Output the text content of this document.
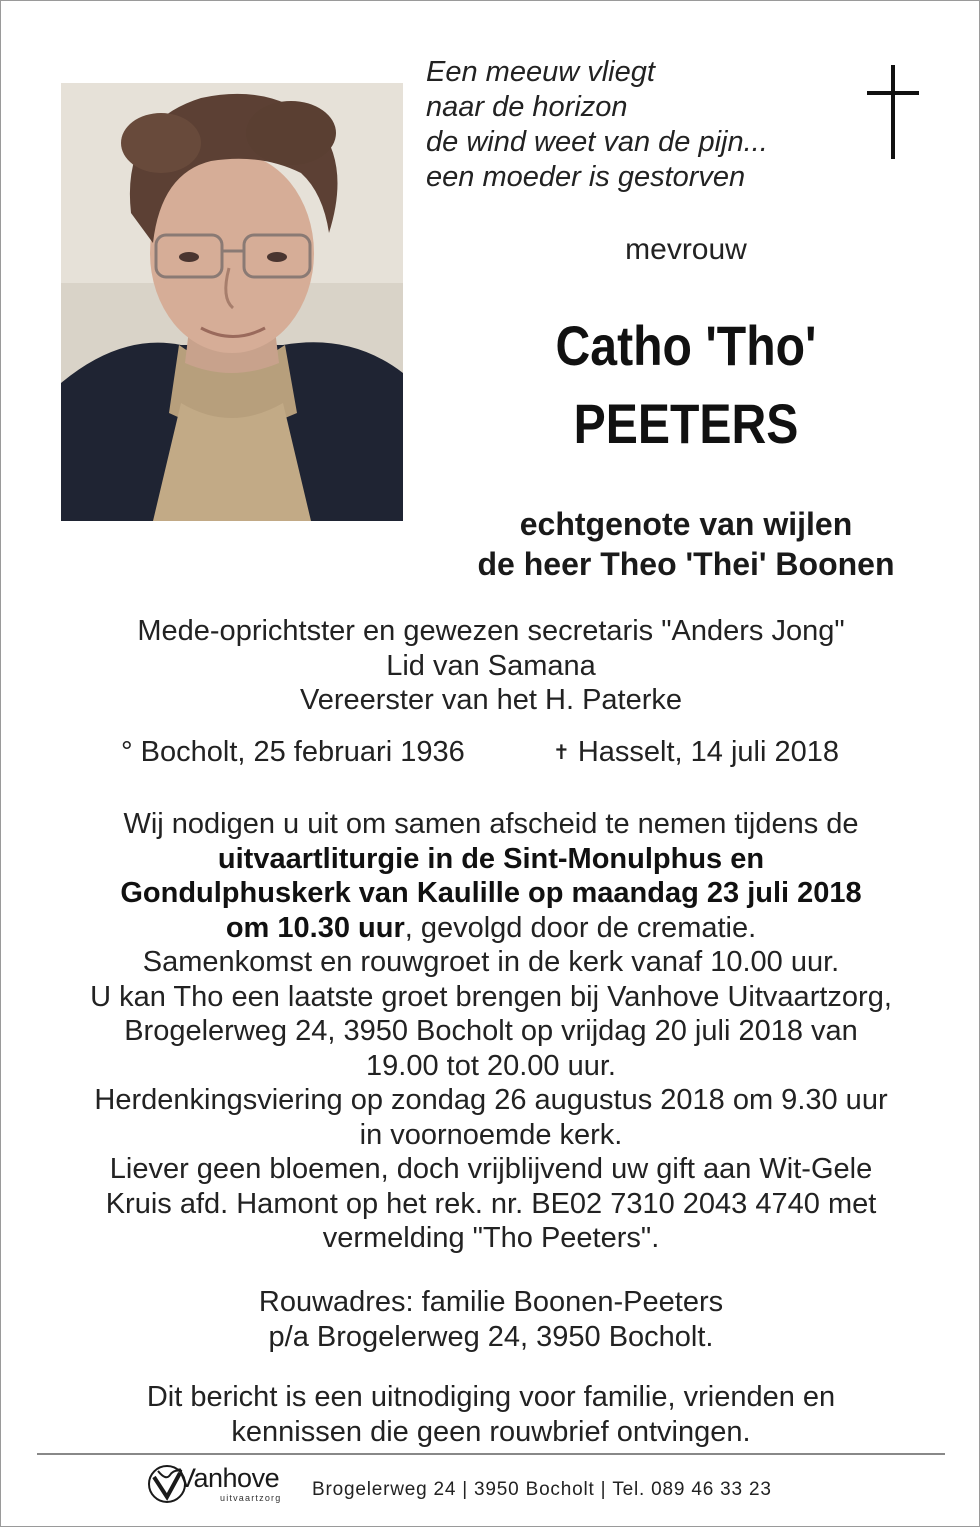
Een meeuw vliegt
naar de horizon
de wind weet van de pijn...
een moeder is gestorven
mevrouw
Catho 'Tho'
PEETERS
echtgenote van wijlen
de heer Theo 'Thei' Boonen
Mede-oprichtster en gewezen secretaris "Anders Jong"
Lid van Samana
Vereerster van het H. Paterke
° Bocholt, 25 februari 1936	✝ Hasselt, 14 juli 2018
Wij nodigen u uit om samen afscheid te nemen tijdens de
uitvaartliturgie in de Sint-Monulphus en
Gondulphuskerk van Kaulille op maandag 23 juli 2018
om 10.30 uur, gevolgd door de crematie.
Samenkomst en rouwgroet in de kerk vanaf 10.00 uur.
U kan Tho een laatste groet brengen bij Vanhove Uitvaartzorg,
Brogelerweg 24, 3950 Bocholt op vrijdag 20 juli 2018 van
19.00 tot 20.00 uur.
Herdenkingsviering op zondag 26 augustus 2018 om 9.30 uur
in voornoemde kerk.
Liever geen bloemen, doch vrijblijvend uw gift aan Wit-Gele
Kruis afd. Hamont op het rek. nr. BE02 7310 2043 4740 met
vermelding "Tho Peeters".
Rouwadres: familie Boonen-Peeters
p/a Brogelerweg 24, 3950 Bocholt.
Dit bericht is een uitnodiging voor familie, vrienden en
kennissen die geen rouwbrief ontvingen.
Vanhove
uitvaartzorg Brogelerweg 24 | 3950 Bocholt | Tel. 089 46 33 23
